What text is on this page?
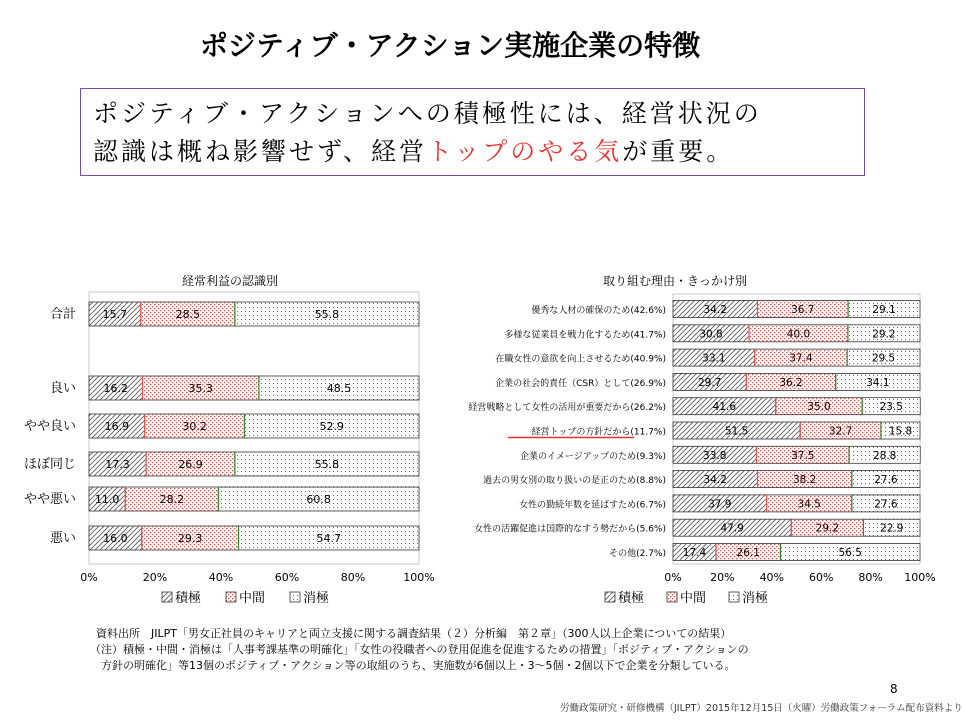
ポジティブ・アクション実施企業の特徴
ポジティブ・アクションへの積極性には、経営状況の
認識は概ね影響せず、経営トップのやる気が重要。
経常利益の認識別
合計 15.7	28.5	55.8
良い 16.2	35.3	48.5
やや良い	16.9	30.2	52.9
ほぼ同じ	17.3	26.9	55.8
やや悪い 11.0	28.2	60.8
悪い 16.0	29.3	54.7
0%	20%	40%	60%	80%	100%
積極	中間	消極
取り組む理由・きっかけ別
優秀な人材の確保のため(42.6%)	34.2	36.7	29.1
多様な従業員を戦力化するため(41.7%)	30.8	40.0	29.2
在職女性の意欲を向上させるため(40.9%)	33.1	37.4	29.5
企業の社会的責任（CSR）として(26.9%)	29.7	36.2	34.1
経営戦略として女性の活用が重要だから(26.2%)	41.6	35.0	23.5
経営トップの方針だから(11.7%)	51.5	32.7	15.8
企業のイメージアップのため(9.3%)	33.8	37.5	28.8
過去の男女別の取り扱いの是正のため(8.8%)	34.2	38.2	27.6
女性の勤続年数を延ばすため(6.7%)	37.9	34.5	27.6
女性の活躍促進は国際的なすう勢だから(5.6%)	47.9	29.2	22.9
その他(2.7%) 17.4	26.1	56.5
0%	20% 40% 60% 80% 100%
積極	中間	消極
資料出所　JILPT「男女正社員のキャリアと両立支援に関する調査結果（２）分析編　第２章」（300人以上企業についての結果）
（注）積極・中間・消極は「人事考課基準の明確化」「女性の役職者への登用促進を促進するための措置」「ポジティブ・アクションの
　方針の明確化」等13個のポジティブ・アクション等の取組のうち、実施数が6個以上・3～5個・2個以下で企業を分類している。
8
労働政策研究・研修機構（JILPT）2015年12月15日（火曜）労働政策フォーラム配布資料より
